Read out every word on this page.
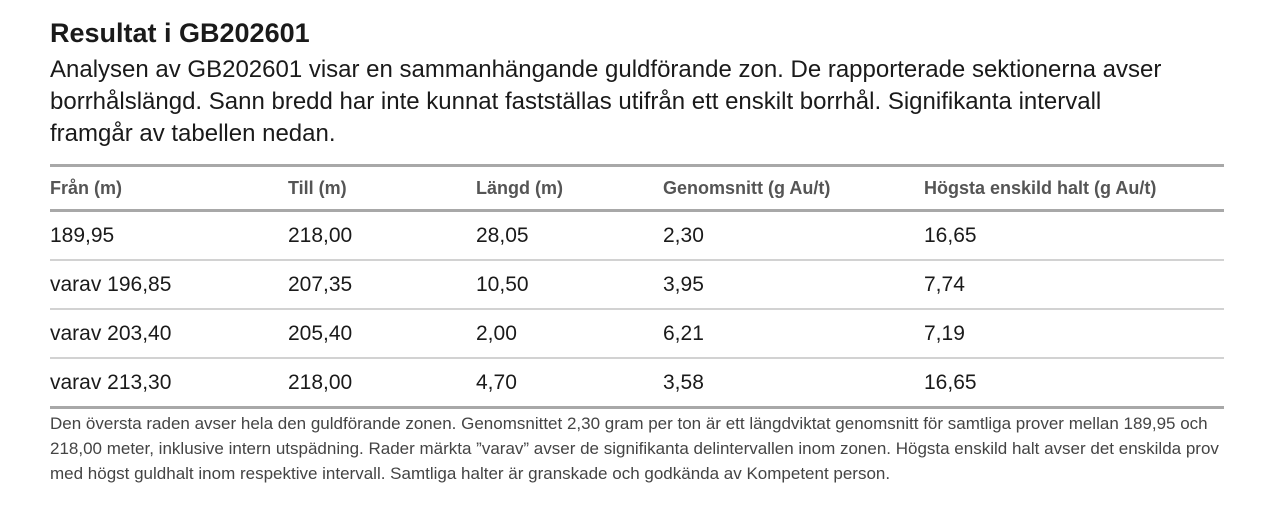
Resultat i GB202601

Analysen av GB202601 visar en sammanhängande guldförande zon. De rapporterade sektionerna avser borrhålslängd. Sann bredd har inte kunnat fastställas utifrån ett enskilt borrhål. Signifikanta intervall framgår av tabellen nedan.

Från (m)	Till (m)	Längd (m)	Genomsnitt (g Au/t)	Högsta enskild halt (g Au/t)
189,95	218,00	28,05	2,30	16,65
varav 196,85	207,35	10,50	3,95	7,74
varav 203,40	205,40	2,00	6,21	7,19
varav 213,30	218,00	4,70	3,58	16,65

Den översta raden avser hela den guldförande zonen. Genomsnittet 2,30 gram per ton är ett längdviktat genomsnitt för samtliga prover mellan 189,95 och 218,00 meter, inklusive intern utspädning. Rader märkta ”varav” avser de signifikanta delintervallen inom zonen. Högsta enskild halt avser det enskilda prov med högst guldhalt inom respektive intervall. Samtliga halter är granskade och godkända av Kompetent person.
